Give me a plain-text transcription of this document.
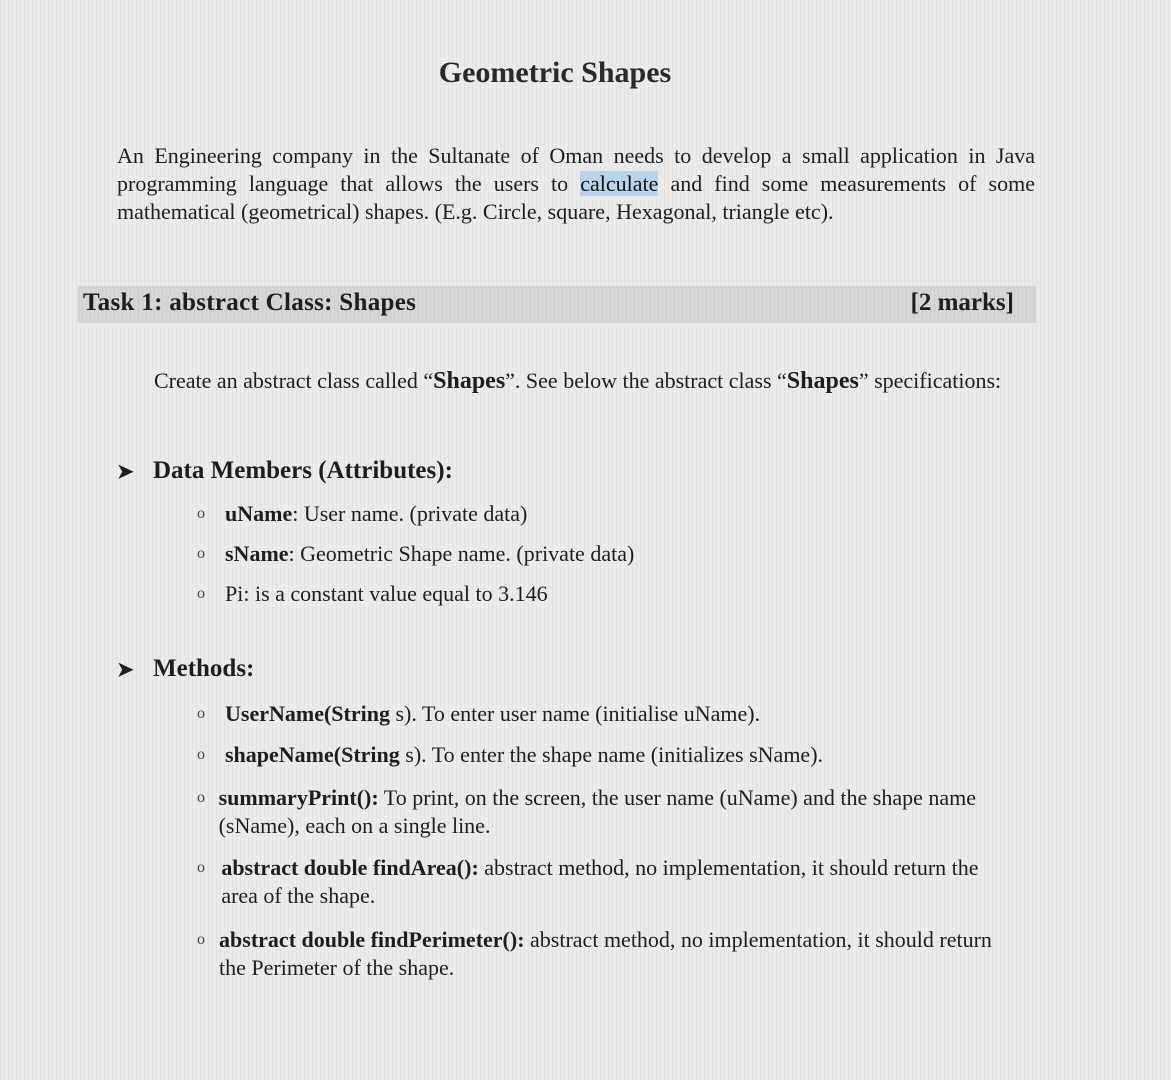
Geometric Shapes
An Engineering company in the Sultanate of Oman needs to develop a small application in Java programming language that allows the users to calculate and find some measurements of some mathematical (geometrical) shapes. (E.g. Circle, square, Hexagonal, triangle etc).
Task 1: abstract Class: Shapes	[2 marks]
Create an abstract class called “Shapes”. See below the abstract class “Shapes” specifications:
➤ Data Members (Attributes):
o uName: User name. (private data)
o sName: Geometric Shape name. (private data)
o Pi: is a constant value equal to 3.146
➤ Methods:
o UserName(String s). To enter user name (initialise uName).
o shapeName(String s). To enter the shape name (initializes sName).
o summaryPrint(): To print, on the screen, the user name (uName) and the shape name (sName), each on a single line.
o abstract double findArea(): abstract method, no implementation, it should return the area of the shape.
o abstract double findPerimeter(): abstract method, no implementation, it should return the Perimeter of the shape.
